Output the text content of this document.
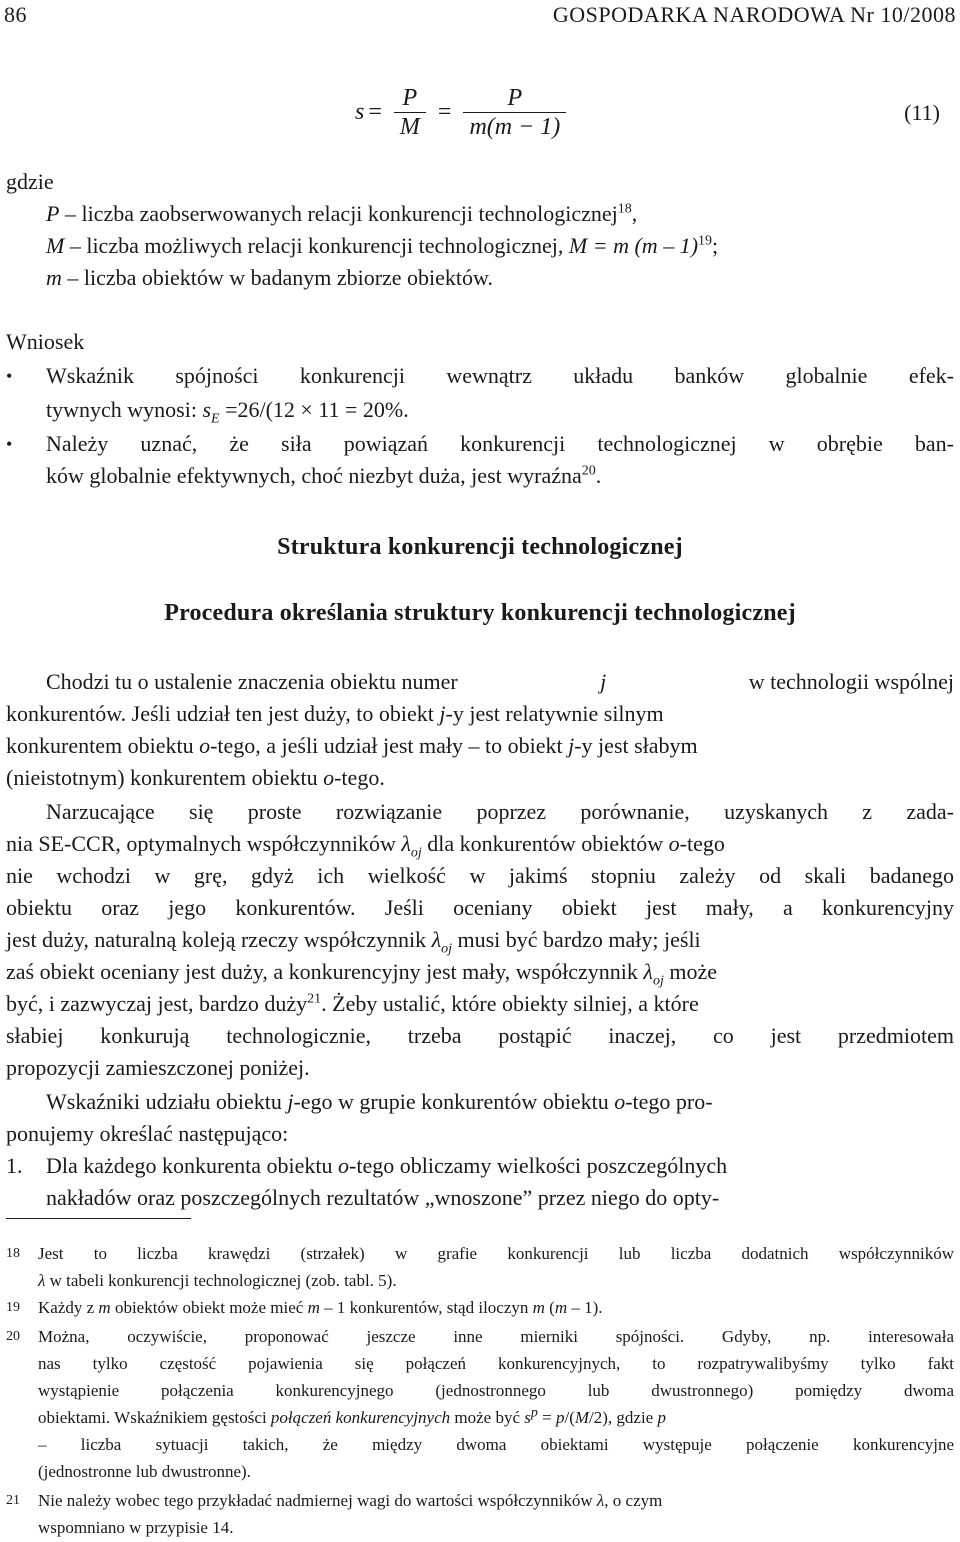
86	GOSPODARKA NARODOWA Nr 10/2008
$s = \frac{P}{M} = \frac{P}{m(m - 1)}$	(11)
gdzie
P – liczba zaobserwowanych relacji konkurencji technologicznej$^{18}$,
M – liczba możliwych relacji konkurencji technologicznej, M = m (m – 1)$^{19}$;
m – liczba obiektów w badanym zbiorze obiektów.
Wniosek
• Wskaźnik spójności konkurencji wewnątrz układu banków globalnie efek-
tywnych wynosi: $s_E =26/(12 \times 11 = 20\%$.
• Należy uznać, że siła powiązań konkurencji technologicznej w obrębie ban-
ków globalnie efektywnych, choć niezbyt duża, jest wyraźna$^{20}$.
Struktura konkurencji technologicznej
Procedura określania struktury konkurencji technologicznej
Chodzi tu o ustalenie znaczenia obiektu numer	j	w technologii wspólnej
konkurentów. Jeśli udział ten jest duży, to obiekt j-y jest relatywnie silnym
konkurentem obiektu o-tego, a jeśli udział jest mały – to obiekt j-y jest słabym
(nieistotnym) konkurentem obiektu o-tego.
Narzucające się proste rozwiązanie poprzez porównanie, uzyskanych z zada-
nia SE-CCR, optymalnych współczynników $\lambda_{oj}$ dla konkurentów obiektów o-tego
nie wchodzi w grę, gdyż ich wielkość w jakimś stopniu zależy od skali badanego
obiektu oraz jego konkurentów. Jeśli oceniany obiekt jest mały, a konkurencyjny
jest duży, naturalną koleją rzeczy współczynnik $\lambda_{oj}$ musi być bardzo mały; jeśli
zaś obiekt oceniany jest duży, a konkurencyjny jest mały, współczynnik $\lambda_{oj}$ może
być, i zazwyczaj jest, bardzo duży$^{21}$. Żeby ustalić, które obiekty silniej, a które
słabiej konkurują technologicznie, trzeba postąpić inaczej, co jest przedmiotem
propozycji zamieszczonej poniżej.
Wskaźniki udziału obiektu j-ego w grupie konkurentów obiektu o-tego pro-
ponujemy określać następująco:
1.	Dla każdego konkurenta obiektu o-tego obliczamy wielkości poszczególnych
nakładów oraz poszczególnych rezultatów „wnoszone” przez niego do opty-
18 Jest to liczba krawędzi (strzałek) w grafie konkurencji lub liczba dodatnich współczynników
λ w tabeli konkurencji technologicznej (zob. tabl. 5).
19 Każdy z m obiektów obiekt może mieć m – 1 konkurentów, stąd iloczyn m (m – 1).
20 Można, oczywiście, proponować jeszcze inne mierniki spójności. Gdyby, np. interesowała
nas tylko częstość pojawienia się połączeń konkurencyjnych, to rozpatrywalibyśmy tylko fakt
wystąpienie połączenia konkurencyjnego (jednostronnego lub dwustronnego) pomiędzy dwoma
obiektami. Wskaźnikiem gęstości połączeń konkurencyjnych może być $s^p = p/(M/2)$, gdzie p
– liczba sytuacji takich, że między dwoma obiektami występuje połączenie konkurencyjne
(jednostronne lub dwustronne).
21 Nie należy wobec tego przykładać nadmiernej wagi do wartości współczynników λ, o czym
wspomniano w przypisie 14.
